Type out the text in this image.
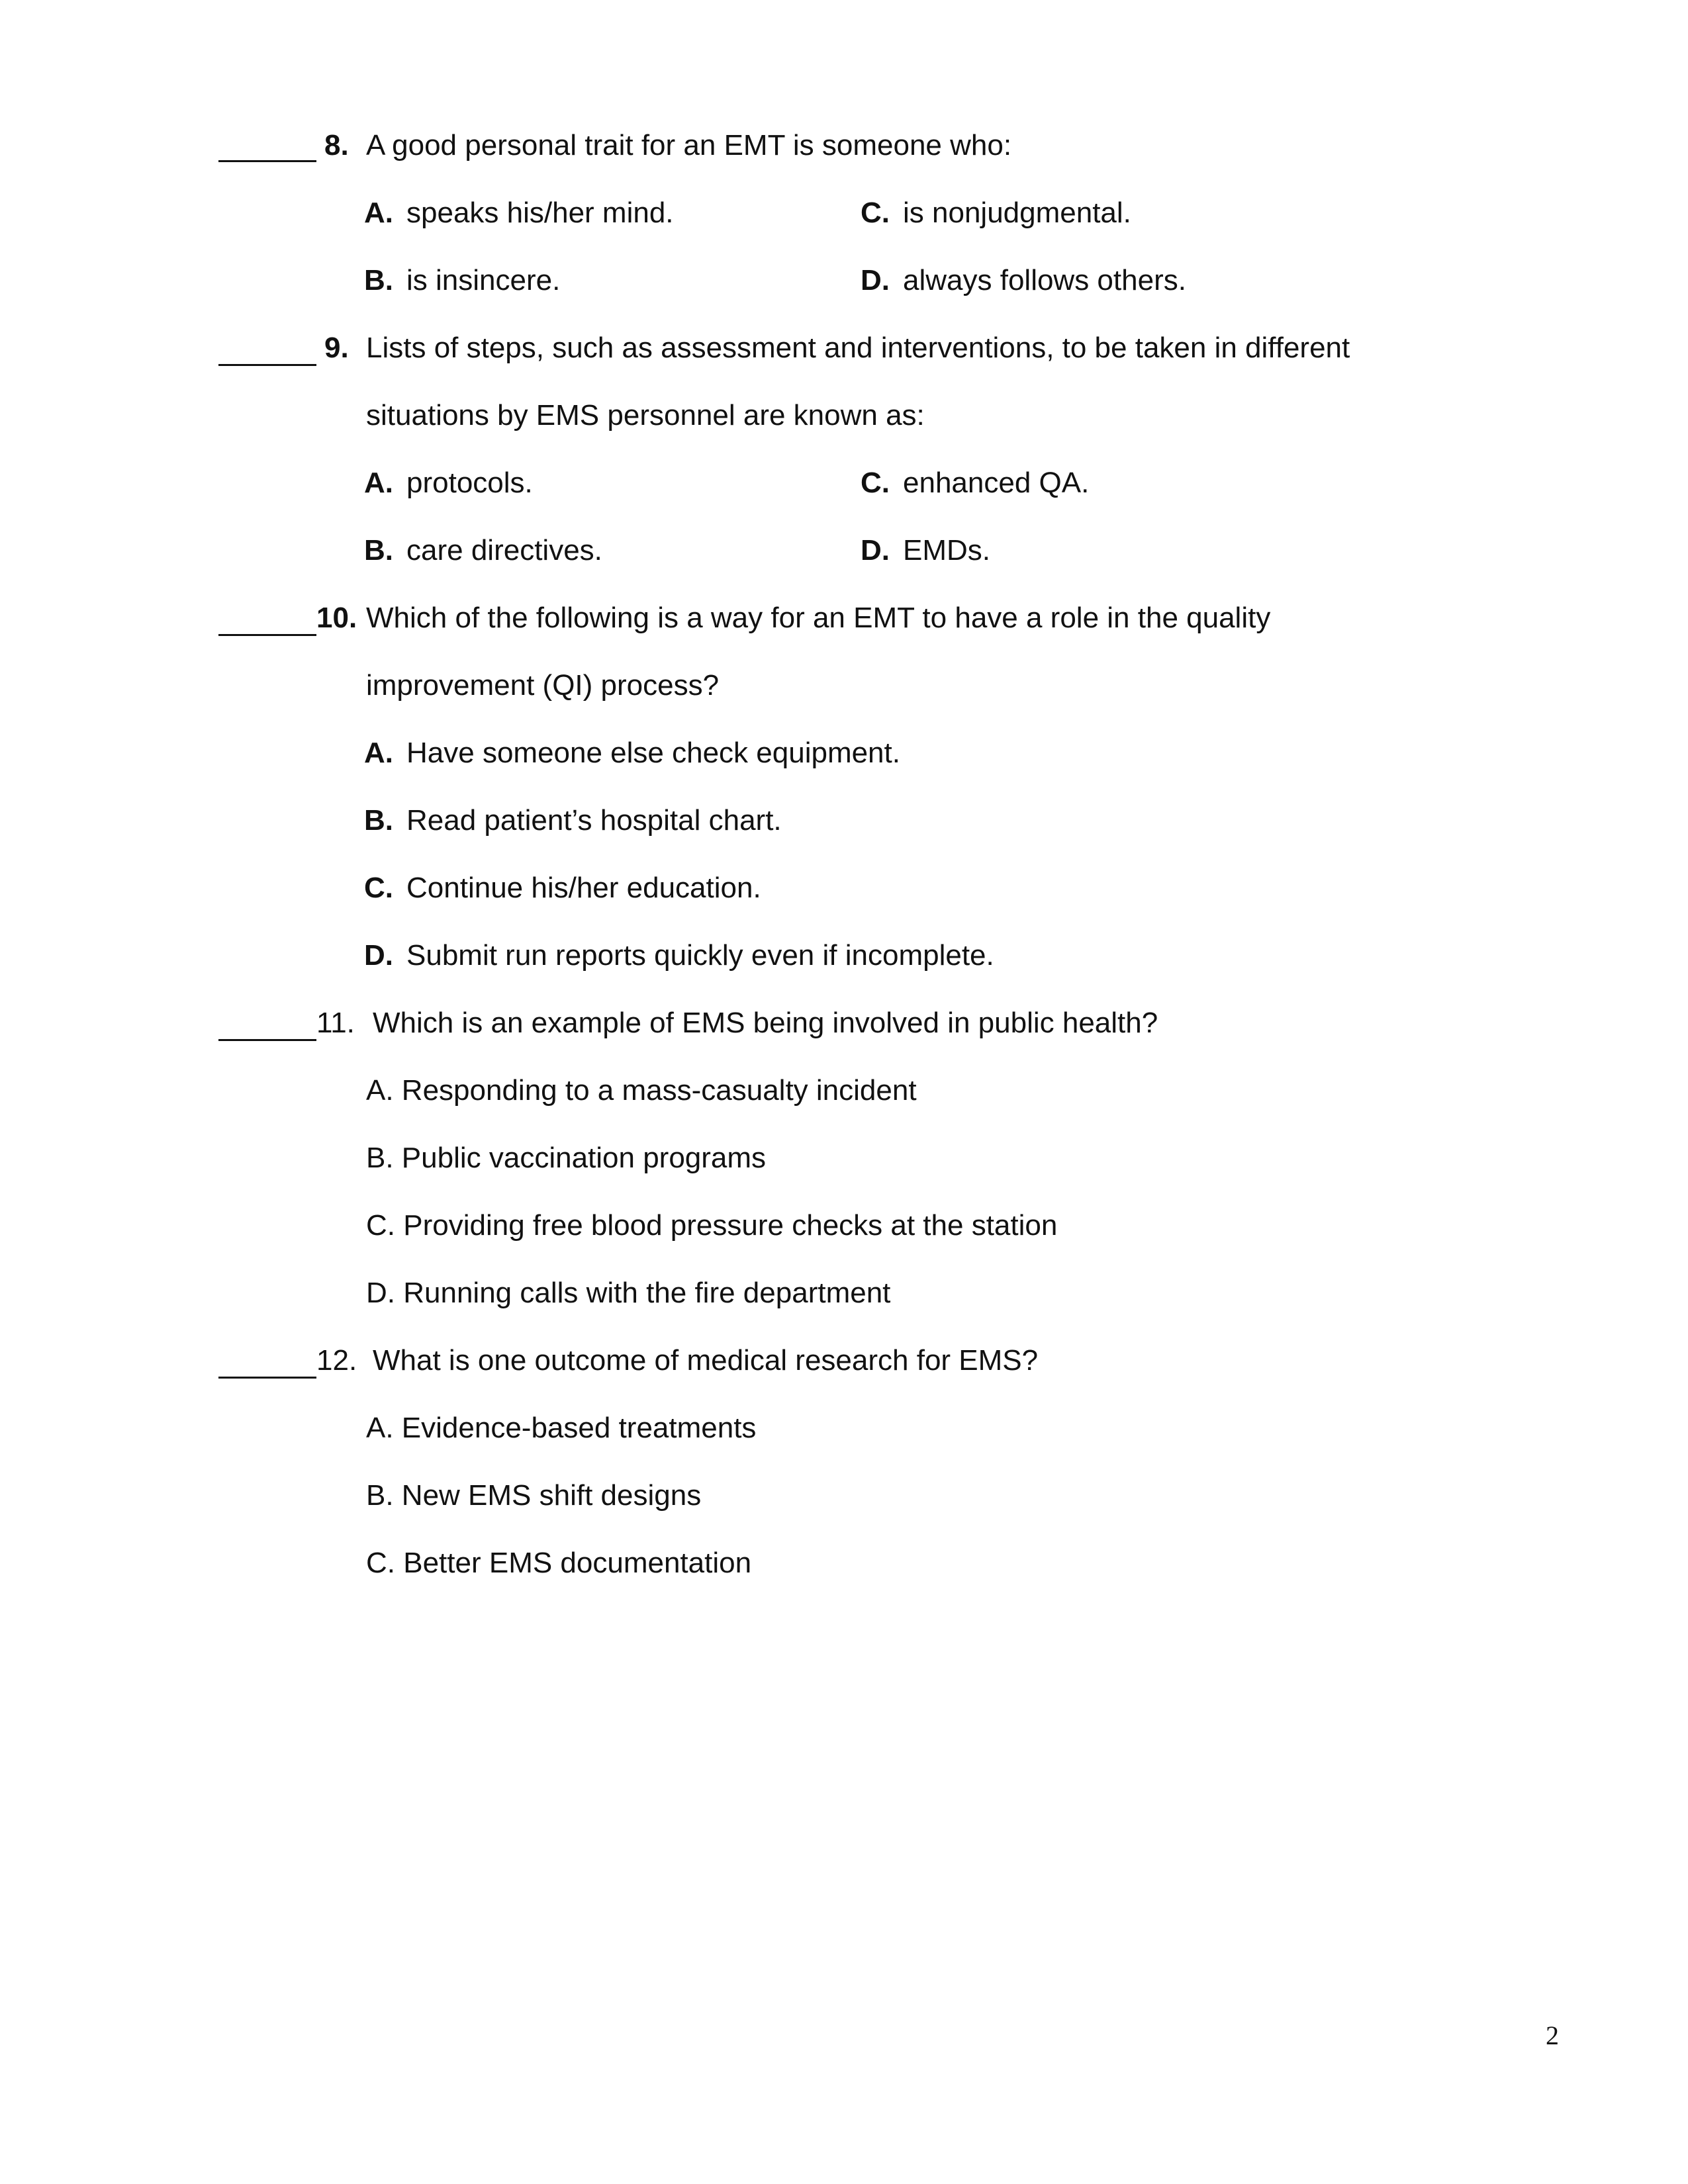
8. A good personal trait for an EMT is someone who:
A. speaks his/her mind.	C. is nonjudgmental.
B. is insincere.	D. always follows others.
9. Lists of steps, such as assessment and interventions, to be taken in different
situations by EMS personnel are known as:
A. protocols.	C. enhanced QA.
B. care directives.	D. EMDs.
10. Which of the following is a way for an EMT to have a role in the quality
improvement (QI) process?
A. Have someone else check equipment.
B. Read patient’s hospital chart.
C. Continue his/her education.
D. Submit run reports quickly even if incomplete.
11. Which is an example of EMS being involved in public health?
A. Responding to a mass-casualty incident
B. Public vaccination programs
C. Providing free blood pressure checks at the station
D. Running calls with the fire department
12. What is one outcome of medical research for EMS?
A. Evidence-based treatments
B. New EMS shift designs
C. Better EMS documentation
2
